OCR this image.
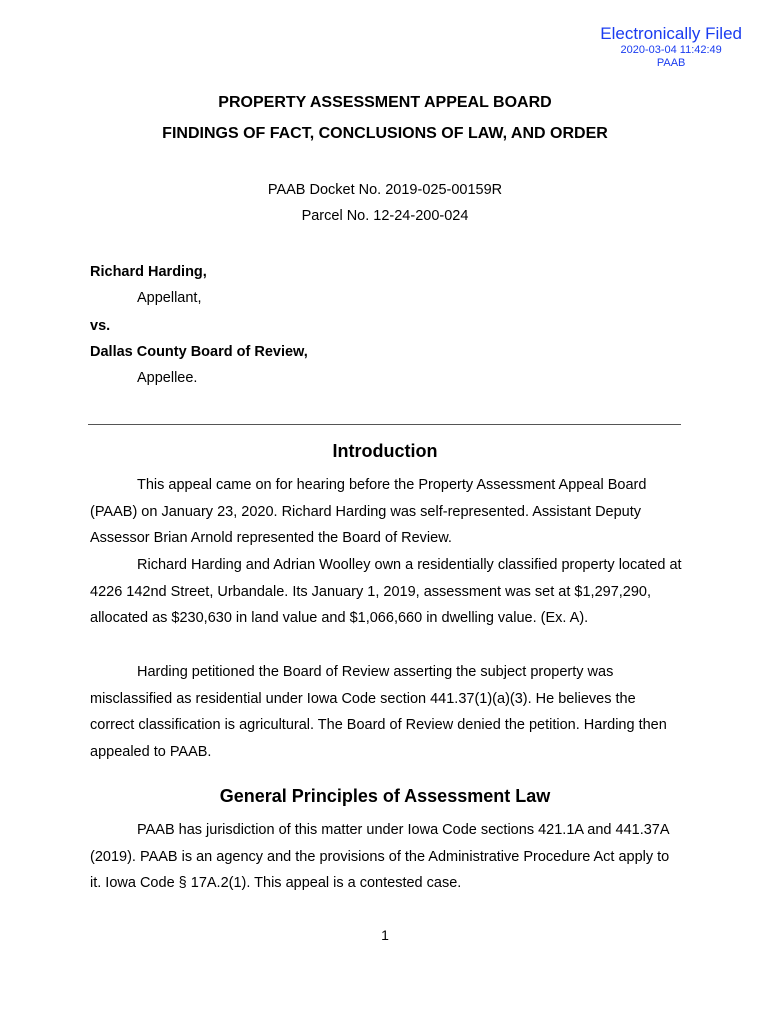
Electronically Filed
2020-03-04 11:42:49
PAAB
PROPERTY ASSESSMENT APPEAL BOARD
FINDINGS OF FACT, CONCLUSIONS OF LAW, AND ORDER
PAAB Docket No. 2019-025-00159R
Parcel No. 12-24-200-024
Richard Harding,
Appellant,
vs.
Dallas County Board of Review,
Appellee.
Introduction

This appeal came on for hearing before the Property Assessment Appeal Board (PAAB) on January 23, 2020. Richard Harding was self-represented. Assistant Deputy Assessor Brian Arnold represented the Board of Review.

Richard Harding and Adrian Woolley own a residentially classified property located at 4226 142nd Street, Urbandale. Its January 1, 2019, assessment was set at $1,297,290, allocated as $230,630 in land value and $1,066,660 in dwelling value. (Ex. A).

Harding petitioned the Board of Review asserting the subject property was misclassified as residential under Iowa Code section 441.37(1)(a)(3). He believes the correct classification is agricultural. The Board of Review denied the petition. Harding then appealed to PAAB.

General Principles of Assessment Law

PAAB has jurisdiction of this matter under Iowa Code sections 421.1A and 441.37A (2019). PAAB is an agency and the provisions of the Administrative Procedure Act apply to it. Iowa Code § 17A.2(1). This appeal is a contested case.

1
